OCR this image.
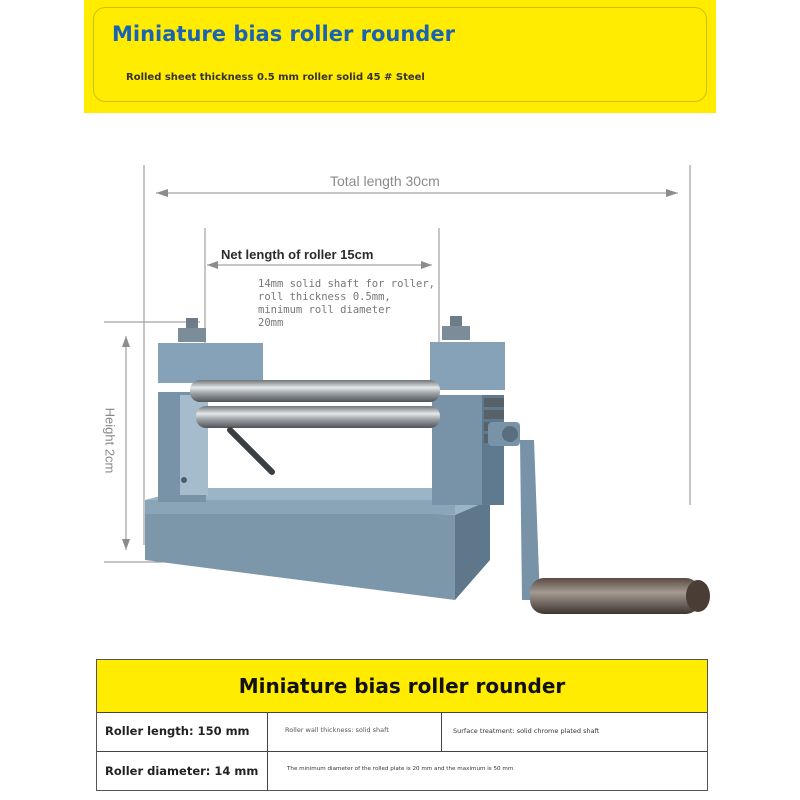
Miniature bias roller rounder
Rolled sheet thickness 0.5 mm roller solid 45 # Steel
Total length 30cm
Net length of roller 15cm
14mm solid shaft for roller,
roll thickness 0.5mm,
minimum roll diameter
20mm
Height 2cm
Miniature bias roller rounder
Roller length: 150 mm	Roller wall thickness: solid shaft	Surface treatment: solid chrome plated shaft
Roller diameter: 14 mm	The minimum diameter of the rolled plate is 20 mm and the maximum is 50 mm
